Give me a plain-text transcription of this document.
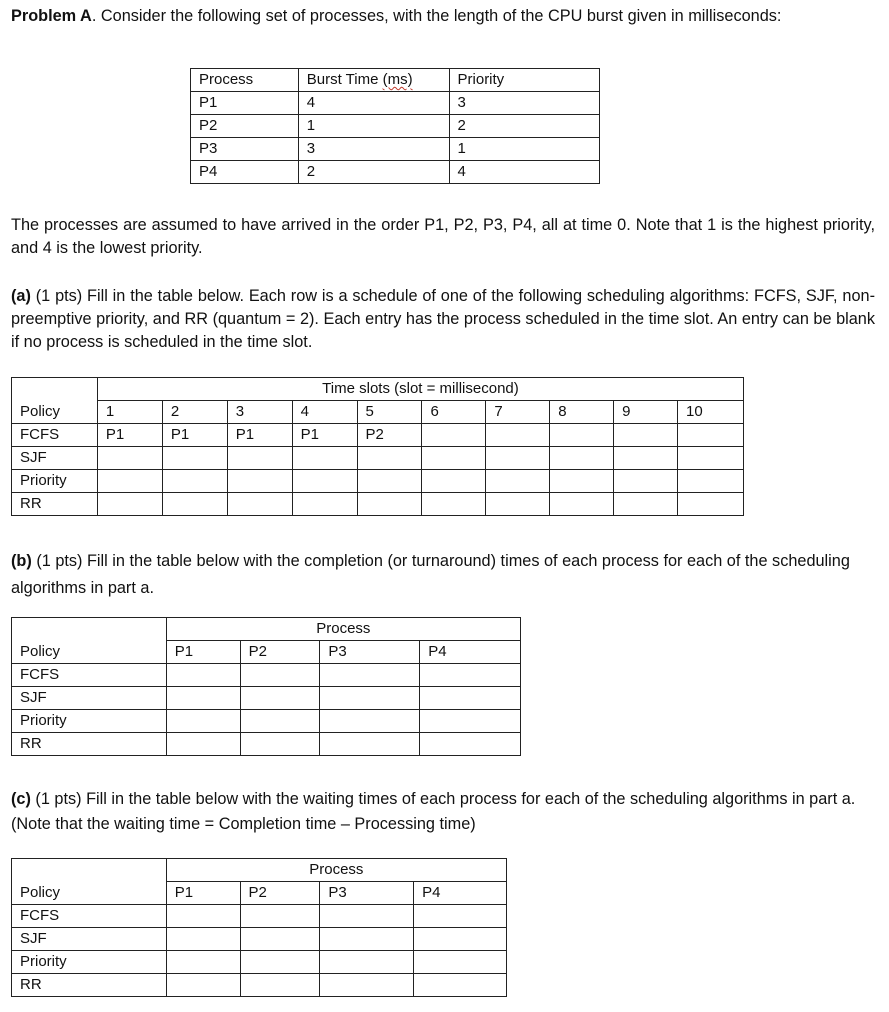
Problem A. Consider the following set of processes, with the length of the CPU burst given in milliseconds:

Process	Burst Time (ms)	Priority
P1	4	3
P2	1	2
P3	3	1
P4	2	4

The processes are assumed to have arrived in the order P1, P2, P3, P4, all at time 0. Note that 1 is the highest priority, and 4 is the lowest priority.

(a) (1 pts) Fill in the table below. Each row is a schedule of one of the following scheduling algorithms: FCFS, SJF, non-preemptive priority, and RR (quantum = 2). Each entry has the process scheduled in the time slot. An entry can be blank if no process is scheduled in the time slot.

	Time slots (slot = millisecond)									
Policy	1	2	3	4	5	6	7	8	9	10
FCFS	P1	P1	P1	P1	P2					
SJF										
Priority										
RR										

(b) (1 pts) Fill in the table below with the completion (or turnaround) times of each process for each of the scheduling algorithms in part a.

	Process			
Policy	P1	P2	P3	P4
FCFS				
SJF				
Priority				
RR				

(c) (1 pts) Fill in the table below with the waiting times of each process for each of the scheduling algorithms in part a. (Note that the waiting time = Completion time – Processing time)

	Process			
Policy	P1	P2	P3	P4
FCFS				
SJF				
Priority				
RR				
